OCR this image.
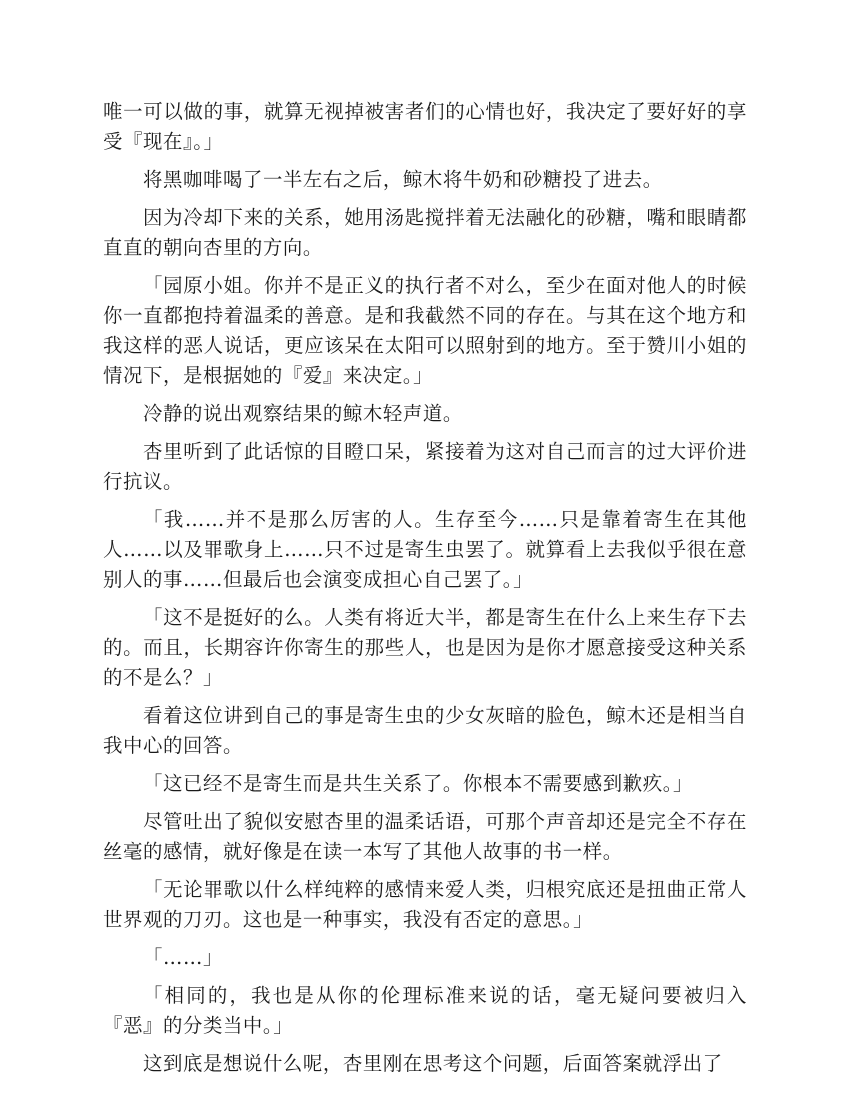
唯一可以做的事，就算无视掉被害者们的心情也好，我决定了要好好的享受『现在』。」

将黑咖啡喝了一半左右之后，鲸木将牛奶和砂糖投了进去。

因为冷却下来的关系，她用汤匙搅拌着无法融化的砂糖，嘴和眼睛都直直的朝向杏里的方向。

「园原小姐。你并不是正义的执行者不对么，至少在面对他人的时候你一直都抱持着温柔的善意。是和我截然不同的存在。与其在这个地方和我这样的恶人说话，更应该呆在太阳可以照射到的地方。至于赞川小姐的情况下，是根据她的『爱』来决定。」

冷静的说出观察结果的鲸木轻声道。

杏里听到了此话惊的目瞪口呆，紧接着为这对自己而言的过大评价进行抗议。

「我……并不是那么厉害的人。生存至今……只是靠着寄生在其他人……以及罪歌身上……只不过是寄生虫罢了。就算看上去我似乎很在意别人的事……但最后也会演变成担心自己罢了。」

「这不是挺好的么。人类有将近大半，都是寄生在什么上来生存下去的。而且，长期容许你寄生的那些人，也是因为是你才愿意接受这种关系的不是么？」

看着这位讲到自己的事是寄生虫的少女灰暗的脸色，鲸木还是相当自我中心的回答。

「这已经不是寄生而是共生关系了。你根本不需要感到歉疚。」

尽管吐出了貌似安慰杏里的温柔话语，可那个声音却还是完全不存在丝毫的感情，就好像是在读一本写了其他人故事的书一样。

「无论罪歌以什么样纯粹的感情来爱人类，归根究底还是扭曲正常人世界观的刀刃。这也是一种事实，我没有否定的意思。」

「……」

「相同的，我也是从你的伦理标准来说的话，毫无疑问要被归入『恶』的分类当中。」

这到底是想说什么呢，杏里刚在思考这个问题，后面答案就浮出了
